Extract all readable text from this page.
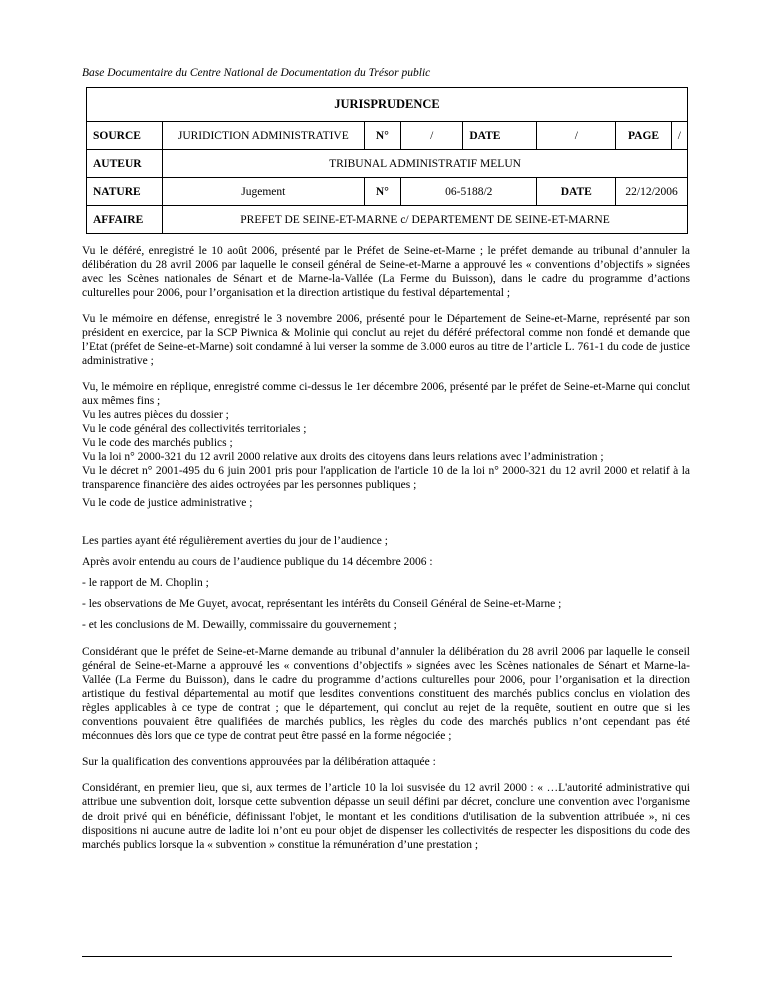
Base Documentaire du Centre National de Documentation du Trésor public
JURISPRUDENCE							
SOURCE	JURIDICTION ADMINISTRATIVE	N°	/	DATE	/	PAGE	/
AUTEUR	TRIBUNAL ADMINISTRATIF MELUN						
NATURE	Jugement	N°	06-5188/2		DATE	22/12/2006	
AFFAIRE	PREFET DE SEINE-ET-MARNE c/ DEPARTEMENT DE SEINE-ET-MARNE						

Vu le déféré, enregistré le 10 août 2006, présenté par le Préfet de Seine-et-Marne ; le préfet demande au tribunal d’annuler la délibération du 28 avril 2006 par laquelle le conseil général de Seine-et-Marne a approuvé les « conventions d’objectifs » signées avec les Scènes nationales de Sénart et de Marne-la-Vallée (La Ferme du Buisson), dans le cadre du programme d’actions culturelles pour 2006, pour l’organisation et la direction artistique du festival départemental ;

Vu le mémoire en défense, enregistré le 3 novembre 2006, présenté pour le Département de Seine-et-Marne, représenté par son président en exercice, par la SCP Piwnica & Molinie qui conclut au rejet du déféré préfectoral comme non fondé et demande que l’Etat (préfet de Seine-et-Marne) soit condamné à lui verser la somme de 3.000 euros au titre de l’article L. 761-1 du code de justice administrative ;

Vu, le mémoire en réplique, enregistré comme ci-dessus le 1er décembre 2006, présenté par le préfet de Seine-et-Marne qui conclut aux mêmes fins ;
Vu les autres pièces du dossier ;
Vu le code général des collectivités territoriales ;
Vu le code des marchés publics ;
Vu la loi n° 2000-321 du 12 avril 2000 relative aux droits des citoyens dans leurs relations avec l’administration ;
Vu le décret n° 2001-495 du 6 juin 2001 pris pour l'application de l'article 10 de la loi n° 2000-321 du 12 avril 2000 et relatif à la transparence financière des aides octroyées par les personnes publiques ;
Vu le code de justice administrative ;
Les parties ayant été régulièrement averties du jour de l’audience ;
Après avoir entendu au cours de l’audience publique du 14 décembre 2006 :
- le rapport de M. Choplin ;
- les observations de Me Guyet, avocat, représentant les intérêts du Conseil Général de Seine-et-Marne ;
- et les conclusions de M. Dewailly, commissaire du gouvernement ;

Considérant que le préfet de Seine-et-Marne demande au tribunal d’annuler la délibération du 28 avril 2006 par laquelle le conseil général de Seine-et-Marne a approuvé les « conventions d’objectifs » signées avec les Scènes nationales de Sénart et Marne-la-Vallée (La Ferme du Buisson), dans le cadre du programme d’actions culturelles pour 2006, pour l’organisation et la direction artistique du festival départemental au motif que lesdites conventions constituent des marchés publics conclus en violation des règles applicables à ce type de contrat ; que le département, qui conclut au rejet de la requête, soutient en outre que si les conventions pouvaient être qualifiées de marchés publics, les règles du code des marchés publics n’ont cependant pas été méconnues dès lors que ce type de contrat peut être passé en la forme négociée ;

Sur la qualification des conventions approuvées par la délibération attaquée :

Considérant, en premier lieu, que si, aux termes de l’article 10 la loi susvisée du 12 avril 2000 : « …L'autorité administrative qui attribue une subvention doit, lorsque cette subvention dépasse un seuil défini par décret, conclure une convention avec l'organisme de droit privé qui en bénéficie, définissant l'objet, le montant et les conditions d'utilisation de la subvention attribuée », ni ces dispositions ni aucune autre de ladite loi n’ont eu pour objet de dispenser les collectivités de respecter les dispositions du code des marchés publics lorsque la « subvention » constitue la rémunération d’une prestation ;
